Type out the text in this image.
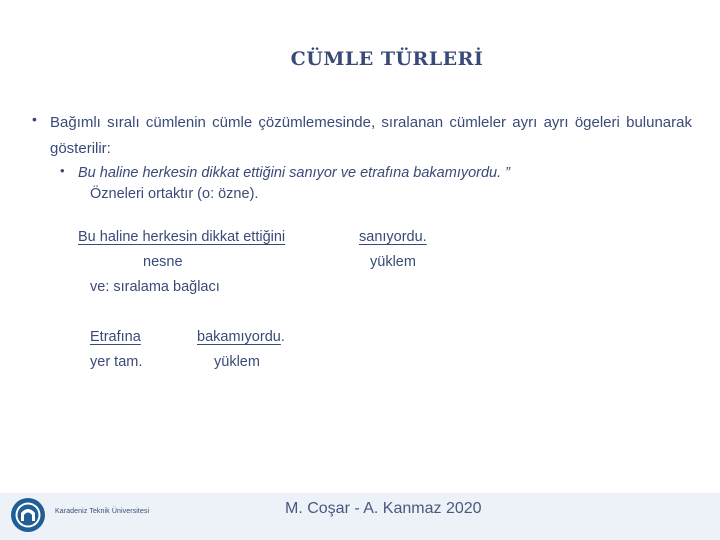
CÜMLE TÜRLERİ
• Bağımlı sıralı cümlenin cümle çözümlemesinde, sıralanan cümleler ayrı ayrı ögeleri bulunarak gösterilir:
• Bu haline herkesin dikkat ettiğini sanıyor ve etrafına bakamıyordu. ”
Özneleri ortaktır (o: özne).
Bu haline herkesin dikkat ettiğini	sanıyordu.
nesne	yüklem
ve: sıralama bağlacı
Etrafına	bakamıyordu.
yer tam.	yüklem
Karadeniz Teknik Üniversitesi	M. Coşar - A. Kanmaz 2020
